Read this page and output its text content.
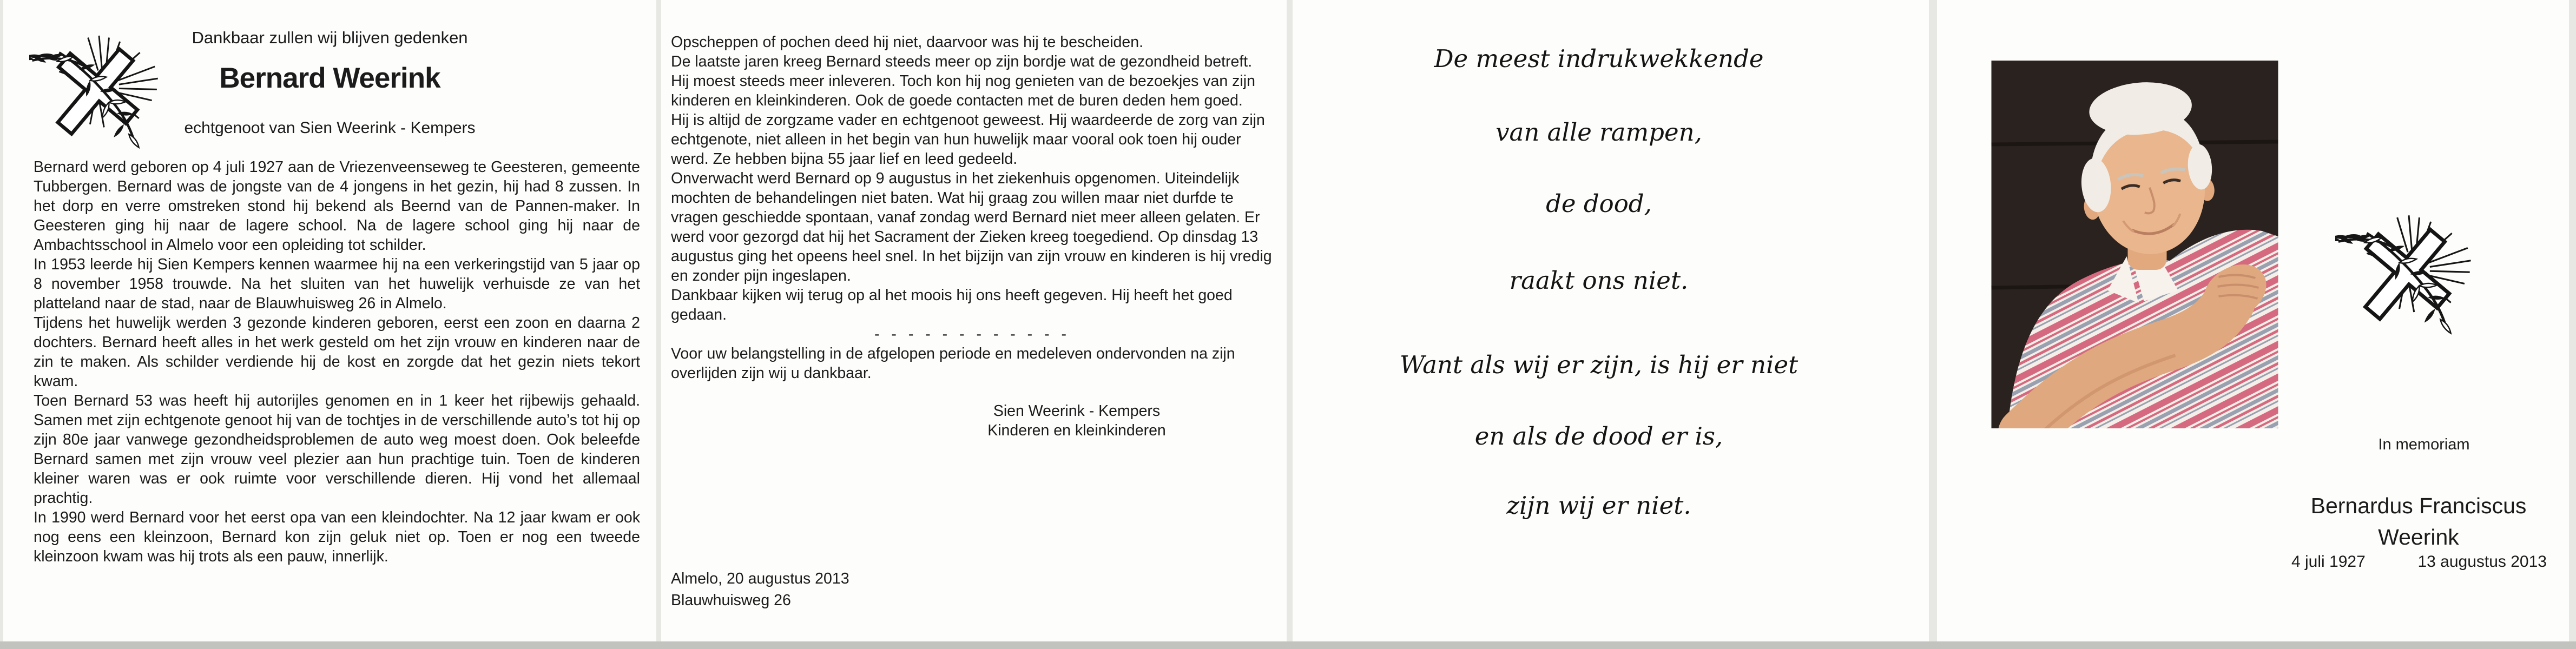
Dankbaar zullen wij blijven gedenken
Bernard Weerink
echtgenoot van Sien Weerink - Kempers

Bernard werd geboren op 4 juli 1927 aan de Vriezenveenseweg te Geesteren, gemeente Tubbergen. Bernard was de jongste van de 4 jongens in het gezin, hij had 8 zussen. In het dorp en verre omstreken stond hij bekend als Beernd van de Pannen-maker. In Geesteren ging hij naar de lagere school. Na de lagere school ging hij naar de Ambachtsschool in Almelo voor een opleiding tot schilder.

In 1953 leerde hij Sien Kempers kennen waarmee hij na een verkeringstijd van 5 jaar op 8 november 1958 trouwde. Na het sluiten van het huwelijk verhuisde ze van het platteland naar de stad, naar de Blauwhuisweg 26 in Almelo.

Tijdens het huwelijk werden 3 gezonde kinderen geboren, eerst een zoon en daarna 2 dochters. Bernard heeft alles in het werk gesteld om het zijn vrouw en kinderen naar de zin te maken. Als schilder verdiende hij de kost en zorgde dat het gezin niets tekort kwam.

Toen Bernard 53 was heeft hij autorijles genomen en in 1 keer het rijbewijs gehaald. Samen met zijn echtgenote genoot hij van de tochtjes in de verschillende auto’s tot hij op zijn 80e jaar vanwege gezondheidsproblemen de auto weg moest doen. Ook beleefde Bernard samen met zijn vrouw veel plezier aan hun prachtige tuin. Toen de kinderen kleiner waren was er ook ruimte voor verschillende dieren. Hij vond het allemaal prachtig.

In 1990 werd Bernard voor het eerst opa van een kleindochter. Na 12 jaar kwam er ook nog eens een kleinzoon, Bernard kon zijn geluk niet op. Toen er nog een tweede kleinzoon kwam was hij trots als een pauw, innerlijk.

Opscheppen of pochen deed hij niet, daarvoor was hij te bescheiden.

De laatste jaren kreeg Bernard steeds meer op zijn bordje wat de gezondheid betreft. Hij moest steeds meer inleveren. Toch kon hij nog genieten van de bezoekjes van zijn kinderen en kleinkinderen. Ook de goede contacten met de buren deden hem goed.

Hij is altijd de zorgzame vader en echtgenoot geweest. Hij waardeerde de zorg van zijn echtgenote, niet alleen in het begin van hun huwelijk maar vooral ook toen hij ouder werd. Ze hebben bijna 55 jaar lief en leed gedeeld.

Onverwacht werd Bernard op 9 augustus in het ziekenhuis opgenomen. Uiteindelijk mochten de behandelingen niet baten. Wat hij graag zou willen maar niet durfde te vragen geschiedde spontaan, vanaf zondag werd Bernard niet meer alleen gelaten. Er werd voor gezorgd dat hij het Sacrament der Zieken kreeg toegediend. Op dinsdag 13 augustus ging het opeens heel snel. In het bijzijn van zijn vrouw en kinderen is hij vredig en zonder pijn ingeslapen.

Dankbaar kijken wij terug op al het moois hij ons heeft gegeven. Hij heeft het goed gedaan.

- - - - - - - - - - - -

Voor uw belangstelling in de afgelopen periode en medeleven ondervonden na zijn overlijden zijn wij u dankbaar.

Sien Weerink - Kempers
Kinderen en kleinkinderen
Almelo, 20 augustus 2013
Blauwhuisweg 26
De meest indrukwekkende
van alle rampen,
de dood,
raakt ons niet.
Want als wij er zijn, is hij er niet
en als de dood er is,
zijn wij er niet.
In memoriam
Bernardus Franciscus
Weerink
4 juli 1927	13 augustus 2013
